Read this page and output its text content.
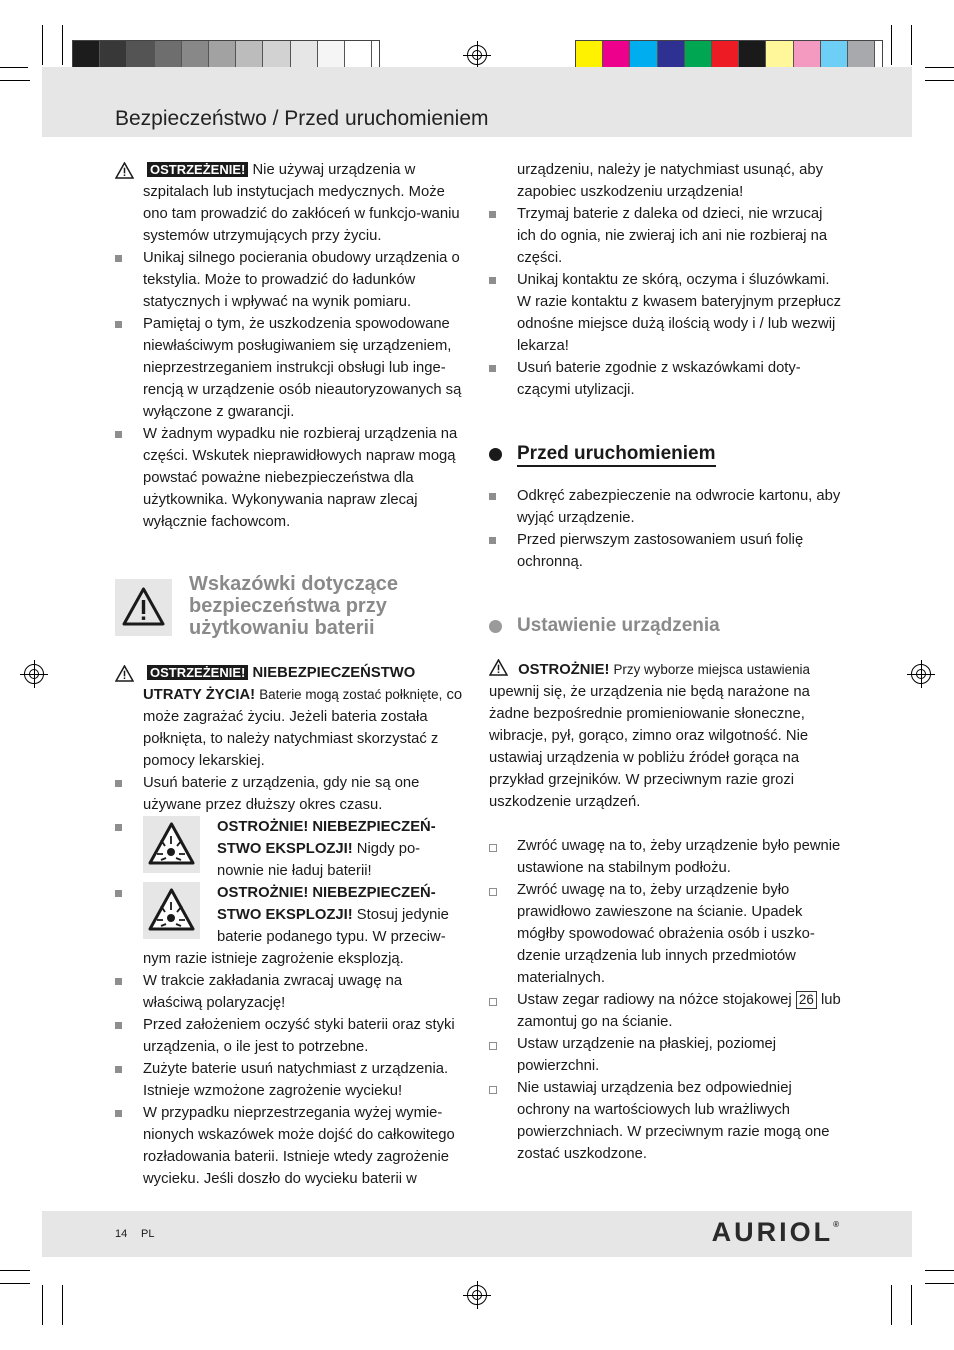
Bezpieczeństwo / Przed uruchomieniem
OSTRZEŻENIE! Nie używaj urządzenia w szpitalach lub instytucjach medycznych. Może ono tam prowadzić do zakłóceń w funkcjo-waniu systemów utrzymujących przy życiu.
Unikaj silnego pocierania obudowy urządzenia o tekstylia. Może to prowadzić do ładunków statycznych i wpływać na wynik pomiaru.
Pamiętaj o tym, że uszkodzenia spowodowane niewłaściwym posługiwaniem się urządzeniem, nieprzestrzeganiem instrukcji obsługi lub inge-rencją w urządzenie osób nieautoryzowanych są wyłączone z gwarancji.
W żadnym wypadku nie rozbieraj urządzenia na części. Wskutek nieprawidłowych napraw mogą powstać poważne niebezpieczeństwa dla użytkownika. Wykonywania napraw zlecaj wyłącznie fachowcom.
Wskazówki dotyczące bezpieczeństwa przy użytkowaniu baterii
OSTRZEŻENIE! NIEBEZPIECZEŃSTWO UTRATY ŻYCIA! Baterie mogą zostać połknięte, co może zagrażać życiu. Jeżeli bateria została połknięta, to należy natychmiast skorzystać z pomocy lekarskiej.
Usuń baterie z urządzenia, gdy nie są one używane przez dłuższy okres czasu.
OSTROŻNIE! NIEBEZPIECZEŃ-STWO EKSPLOZJI! Nigdy po-nownie nie ładuj baterii!
OSTROŻNIE! NIEBEZPIECZEŃ-STWO EKSPLOZJI! Stosuj jedynie baterie podanego typu. W przeciw-
nym razie istnieje zagrożenie eksplozją.
W trakcie zakładania zwracaj uwagę na właściwą polaryzację!
Przed założeniem oczyść styki baterii oraz styki urządzenia, o ile jest to potrzebne.
Zużyte baterie usuń natychmiast z urządzenia. Istnieje wzmożone zagrożenie wycieku!
W przypadku nieprzestrzegania wyżej wymie-nionych wskazówek może dojść do całkowitego rozładowania baterii. Istnieje wtedy zagrożenie wycieku. Jeśli doszło do wycieku baterii w
urządzeniu, należy je natychmiast usunąć, aby zapobiec uszkodzeniu urządzenia!
Trzymaj baterie z daleka od dzieci, nie wrzucaj ich do ognia, nie zwieraj ich ani nie rozbieraj na części.
Unikaj kontaktu ze skórą, oczyma i śluzówkami. W razie kontaktu z kwasem bateryjnym przepłucz odnośne miejsce dużą ilością wody i / lub wezwij lekarza!
Usuń baterie zgodnie z wskazówkami doty-czącymi utylizacji.
Przed uruchomieniem
Odkręć zabezpieczenie na odwrocie kartonu, aby wyjąć urządzenie.
Przed pierwszym zastosowaniem usuń folię ochronną.
Ustawienie urządzenia
OSTROŻNIE! Przy wyborze miejsca ustawienia upewnij się, że urządzenia nie będą narażone na żadne bezpośrednie promieniowanie słoneczne, wibracje, pył, gorąco, zimno oraz wilgotność. Nie ustawiaj urządzenia w pobliżu źródeł gorąca na przykład grzejników. W przeciwnym razie grozi uszkodzenie urządzeń.
Zwróć uwagę na to, żeby urządzenie było pewnie ustawione na stabilnym podłożu.
Zwróć uwagę na to, żeby urządzenie było prawidłowo zawieszone na ścianie. Upadek mógłby spowodować obrażenia osób i uszko-dzenie urządzenia lub innych przedmiotów materialnych.
Ustaw zegar radiowy na nóżce stojakowej 26 lub zamontuj go na ścianie.
Ustaw urządzenie na płaskiej, poziomej powierzchni.
Nie ustawiaj urządzenia bez odpowiedniej ochrony na wartościowych lub wrażliwych powierzchniach. W przeciwnym razie mogą one zostać uszkodzone.
14 PL	AURIOL®
